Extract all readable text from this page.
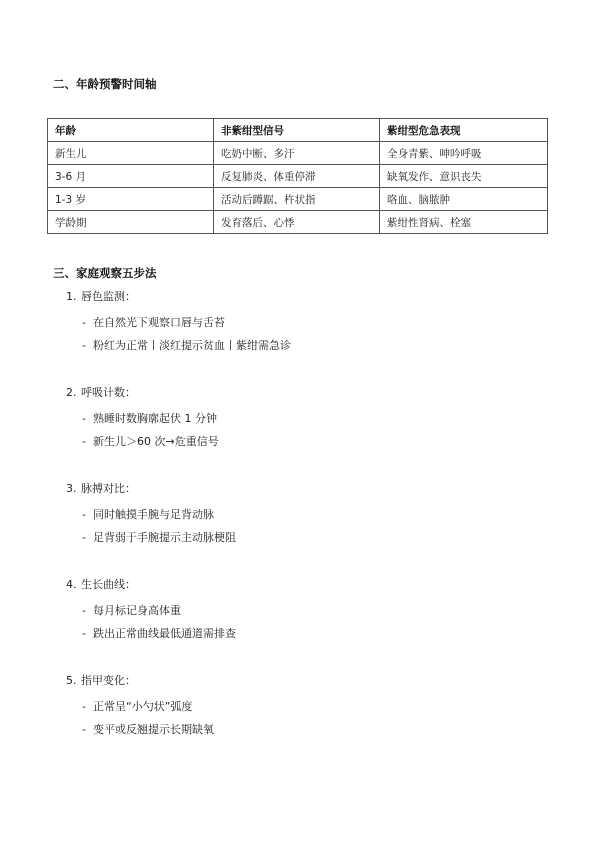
二、年龄预警时间轴
年龄	非紫绀型信号	紫绀型危急表现
新生儿	吃奶中断、多汗	全身青紫、呻吟呼吸
3-6 月	反复肺炎、体重停滞	缺氧发作、意识丧失
1-3 岁	活动后蹲踞、杵状指	咯血、脑脓肿
学龄期	发育落后、心悸	紫绀性肾病、栓塞
三、家庭观察五步法
1. 唇色监测：
- 在自然光下观察口唇与舌苔
- 粉红为正常丨淡红提示贫血丨紫绀需急诊
2. 呼吸计数：
- 熟睡时数胸廓起伏 1 分钟
- 新生儿＞60 次→危重信号
3. 脉搏对比：
- 同时触摸手腕与足背动脉
- 足背弱于手腕提示主动脉梗阻
4. 生长曲线：
- 每月标记身高体重
- 跌出正常曲线最低通道需排查
5. 指甲变化：
- 正常呈“小勺状”弧度
- 变平或反翘提示长期缺氧
